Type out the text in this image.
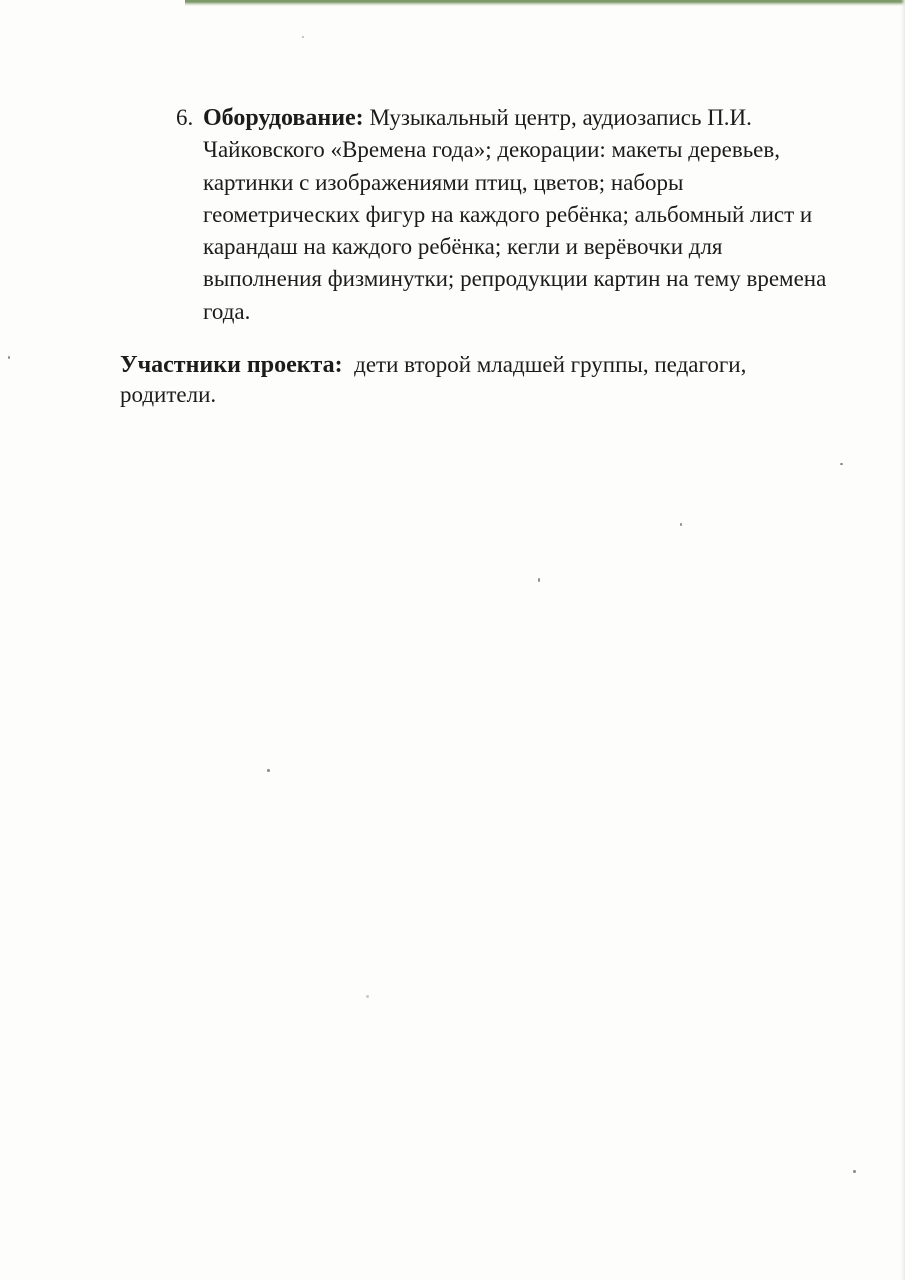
6. Оборудование: Музыкальный центр, аудиозапись П.И. Чайковского «Времена года»; декорации: макеты деревьев, картинки с изображениями птиц, цветов; наборы геометрических фигур на каждого ребёнка; альбомный лист и карандаш на каждого ребёнка; кегли и верёвочки для выполнения физминутки; репродукции картин на тему времена года.
Участники проекта: дети второй младшей группы, педагоги, родители.
